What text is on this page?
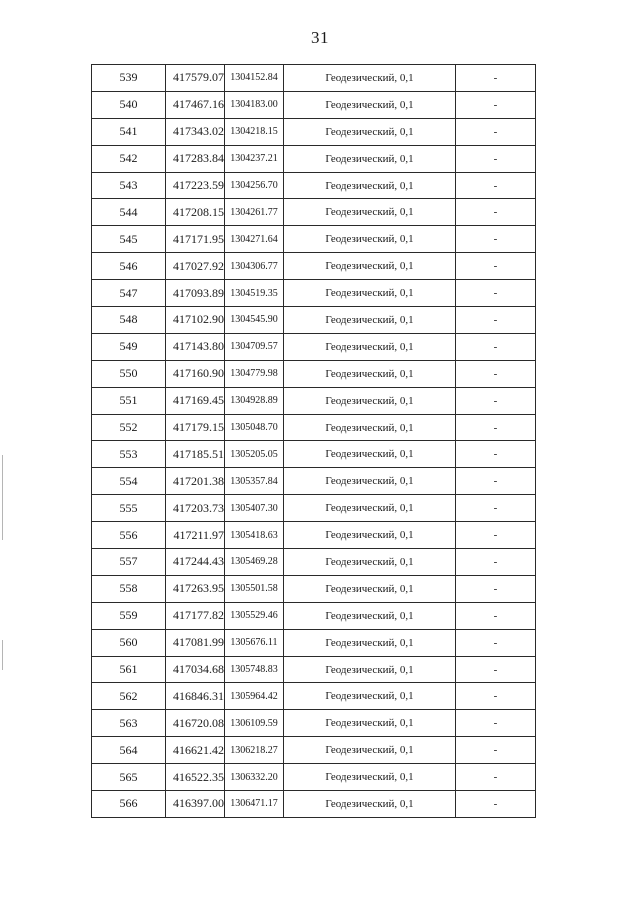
31
539	417579.07	1304152.84	Геодезический, 0,1	-
540	417467.16	1304183.00	Геодезический, 0,1	-
541	417343.02	1304218.15	Геодезический, 0,1	-
542	417283.84	1304237.21	Геодезический, 0,1	-
543	417223.59	1304256.70	Геодезический, 0,1	-
544	417208.15	1304261.77	Геодезический, 0,1	-
545	417171.95	1304271.64	Геодезический, 0,1	-
546	417027.92	1304306.77	Геодезический, 0,1	-
547	417093.89	1304519.35	Геодезический, 0,1	-
548	417102.90	1304545.90	Геодезический, 0,1	-
549	417143.80	1304709.57	Геодезический, 0,1	-
550	417160.90	1304779.98	Геодезический, 0,1	-
551	417169.45	1304928.89	Геодезический, 0,1	-
552	417179.15	1305048.70	Геодезический, 0,1	-
553	417185.51	1305205.05	Геодезический, 0,1	-
554	417201.38	1305357.84	Геодезический, 0,1	-
555	417203.73	1305407.30	Геодезический, 0,1	-
556	417211.97	1305418.63	Геодезический, 0,1	-
557	417244.43	1305469.28	Геодезический, 0,1	-
558	417263.95	1305501.58	Геодезический, 0,1	-
559	417177.82	1305529.46	Геодезический, 0,1	-
560	417081.99	1305676.11	Геодезический, 0,1	-
561	417034.68	1305748.83	Геодезический, 0,1	-
562	416846.31	1305964.42	Геодезический, 0,1	-
563	416720.08	1306109.59	Геодезический, 0,1	-
564	416621.42	1306218.27	Геодезический, 0,1	-
565	416522.35	1306332.20	Геодезический, 0,1	-
566	416397.00	1306471.17	Геодезический, 0,1	-
